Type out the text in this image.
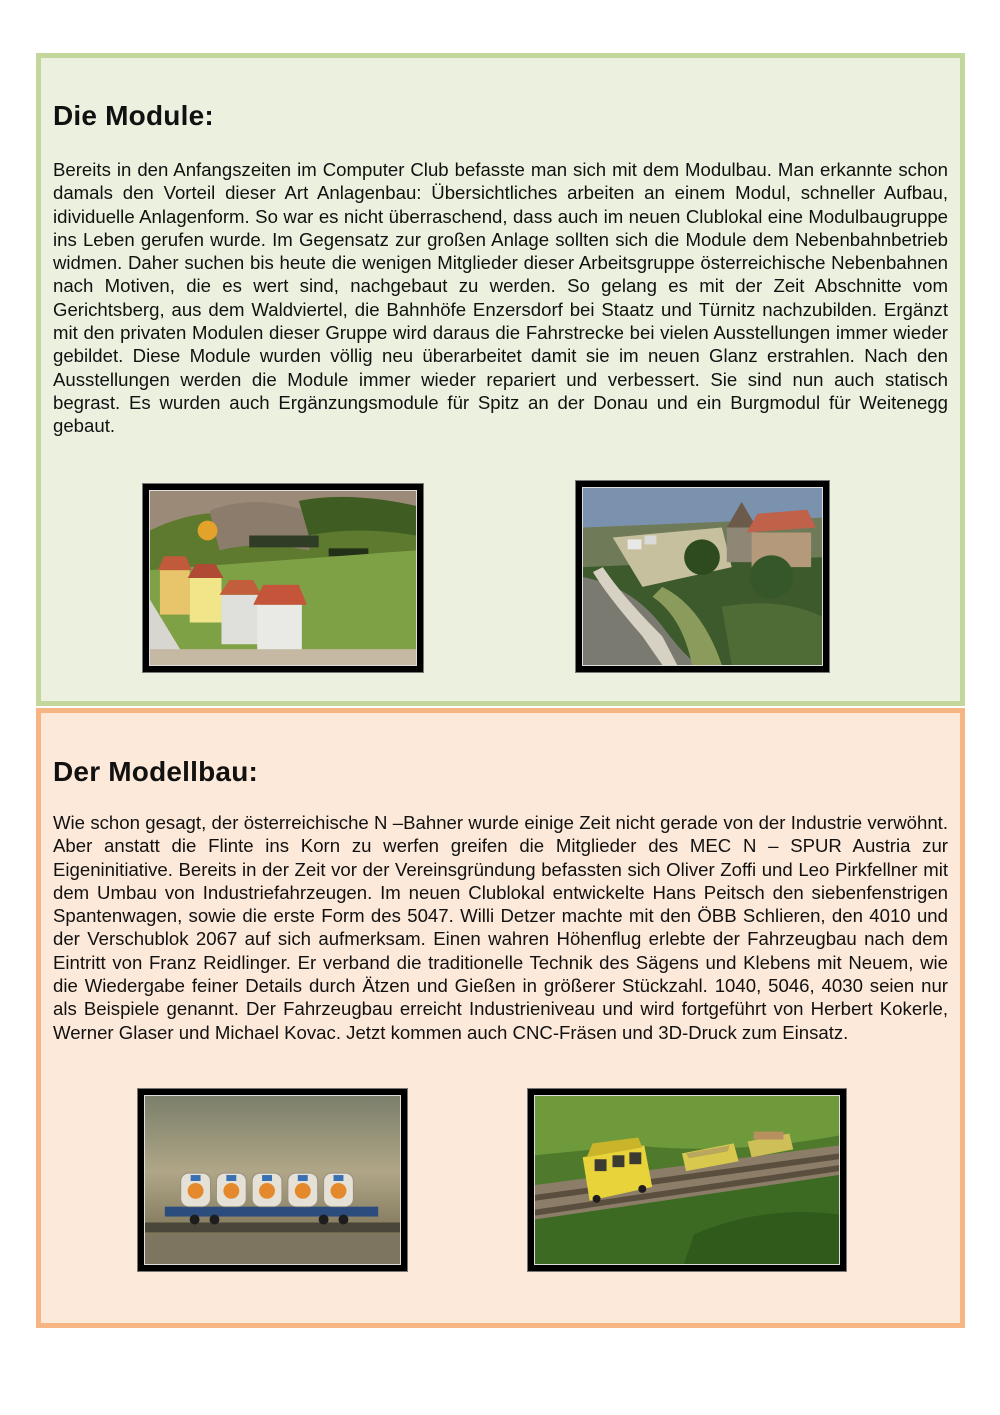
Die Module:

Bereits in den Anfangszeiten im Computer Club befasste man sich mit dem Modulbau. Man erkannte schon damals den Vorteil dieser Art Anlagenbau: Übersichtliches arbeiten an einem Modul, schneller Aufbau, idividuelle Anlagenform. So war es nicht überraschend, dass auch im neuen Clublokal eine Modulbaugruppe ins Leben gerufen wurde. Im Gegensatz zur großen Anlage sollten sich die Module dem Nebenbahnbetrieb widmen. Daher suchen bis heute die wenigen Mitglieder dieser Arbeitsgruppe österreichische Nebenbahnen nach Motiven, die es wert sind, nachgebaut zu werden. So gelang es mit der Zeit Abschnitte vom Gerichtsberg, aus dem Waldviertel, die Bahnhöfe Enzersdorf bei Staatz und Türnitz nachzubilden. Ergänzt mit den privaten Modulen dieser Gruppe wird daraus die Fahrstrecke bei vielen Ausstellungen immer wieder gebildet. Diese Module wurden völlig neu überarbeitet damit sie im neuen Glanz erstrahlen. Nach den Ausstellungen werden die Module immer wieder repariert und verbessert. Sie sind nun auch statisch begrast. Es wurden auch Ergänzungsmodule für Spitz an der Donau und ein Burgmodul für Weitenegg gebaut.

Der Modellbau:

Wie schon gesagt, der österreichische N –Bahner wurde einige Zeit nicht gerade von der Industrie verwöhnt. Aber anstatt die Flinte ins Korn zu werfen greifen die Mitglieder des MEC N – SPUR Austria zur Eigeninitiative. Bereits in der Zeit vor der Vereinsgründung befassten sich Oliver Zoffi und Leo Pirkfellner mit dem Umbau von Industriefahrzeugen. Im neuen Clublokal entwickelte Hans Peitsch den siebenfenstrigen Spantenwagen, sowie die erste Form des 5047. Willi Detzer machte mit den ÖBB Schlieren, den 4010 und der Verschublok 2067 auf sich aufmerksam. Einen wahren Höhenflug erlebte der Fahrzeugbau nach dem Eintritt von Franz Reidlinger. Er verband die traditionelle Technik des Sägens und Klebens mit Neuem, wie die Wiedergabe feiner Details durch Ätzen und Gießen in größerer Stückzahl. 1040, 5046, 4030 seien nur als Beispiele genannt. Der Fahrzeugbau erreicht Industrieniveau und wird fortgeführt von Herbert Kokerle, Werner Glaser und Michael Kovac. Jetzt kommen auch CNC-Fräsen und 3D-Druck zum Einsatz.
